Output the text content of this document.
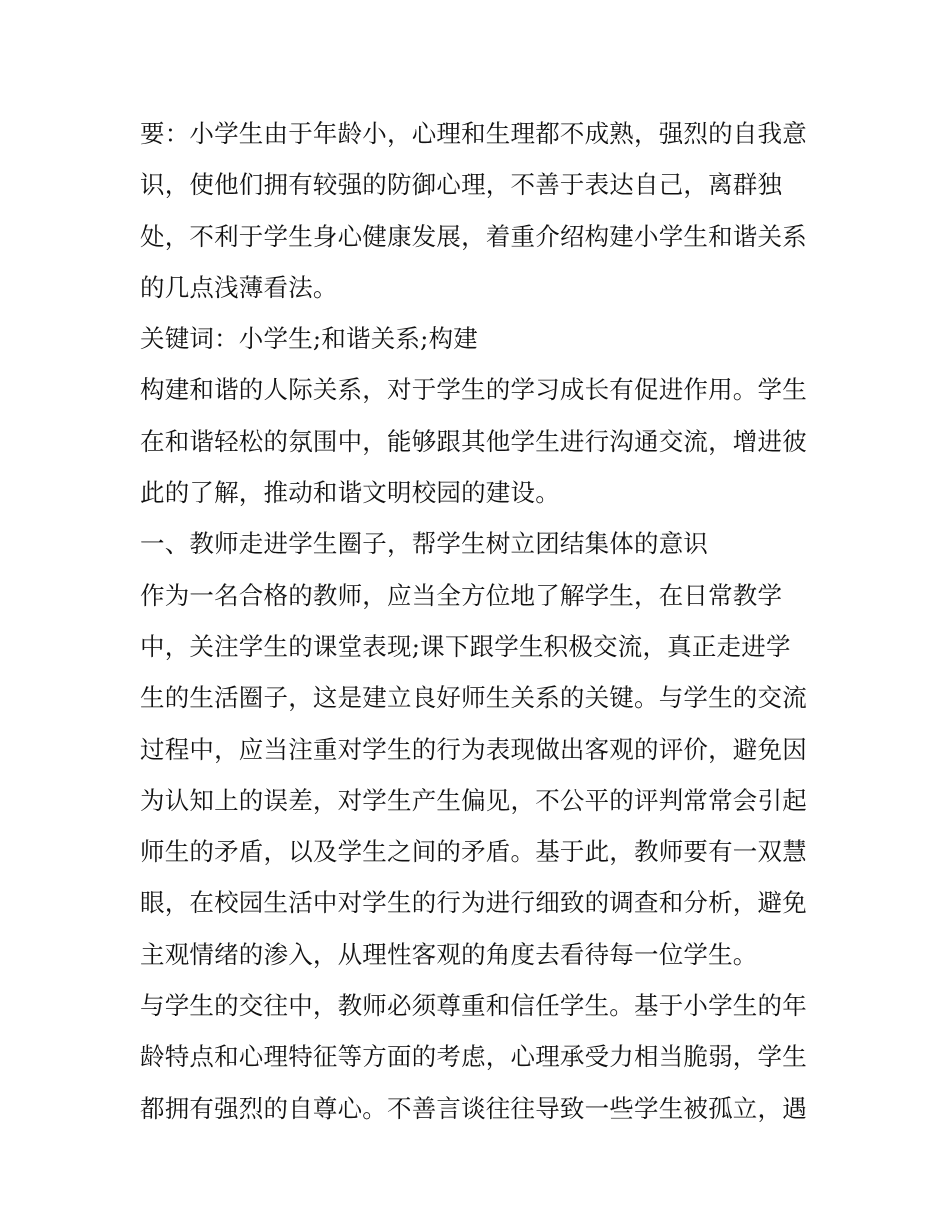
要：小学生由于年龄小，心理和生理都不成熟，强烈的自我意
识，使他们拥有较强的防御心理，不善于表达自己，离群独
处，不利于学生身心健康发展，着重介绍构建小学生和谐关系
的几点浅薄看法。
关键词：小学生;和谐关系;构建
构建和谐的人际关系，对于学生的学习成长有促进作用。学生
在和谐轻松的氛围中，能够跟其他学生进行沟通交流，增进彼
此的了解，推动和谐文明校园的建设。
一、教师走进学生圈子，帮学生树立团结集体的意识
作为一名合格的教师，应当全方位地了解学生，在日常教学
中，关注学生的课堂表现;课下跟学生积极交流，真正走进学
生的生活圈子，这是建立良好师生关系的关键。与学生的交流
过程中，应当注重对学生的行为表现做出客观的评价，避免因
为认知上的误差，对学生产生偏见，不公平的评判常常会引起
师生的矛盾，以及学生之间的矛盾。基于此，教师要有一双慧
眼，在校园生活中对学生的行为进行细致的调查和分析，避免
主观情绪的渗入，从理性客观的角度去看待每一位学生。
与学生的交往中，教师必须尊重和信任学生。基于小学生的年
龄特点和心理特征等方面的考虑，心理承受力相当脆弱，学生
都拥有强烈的自尊心。不善言谈往往导致一些学生被孤立，遇
